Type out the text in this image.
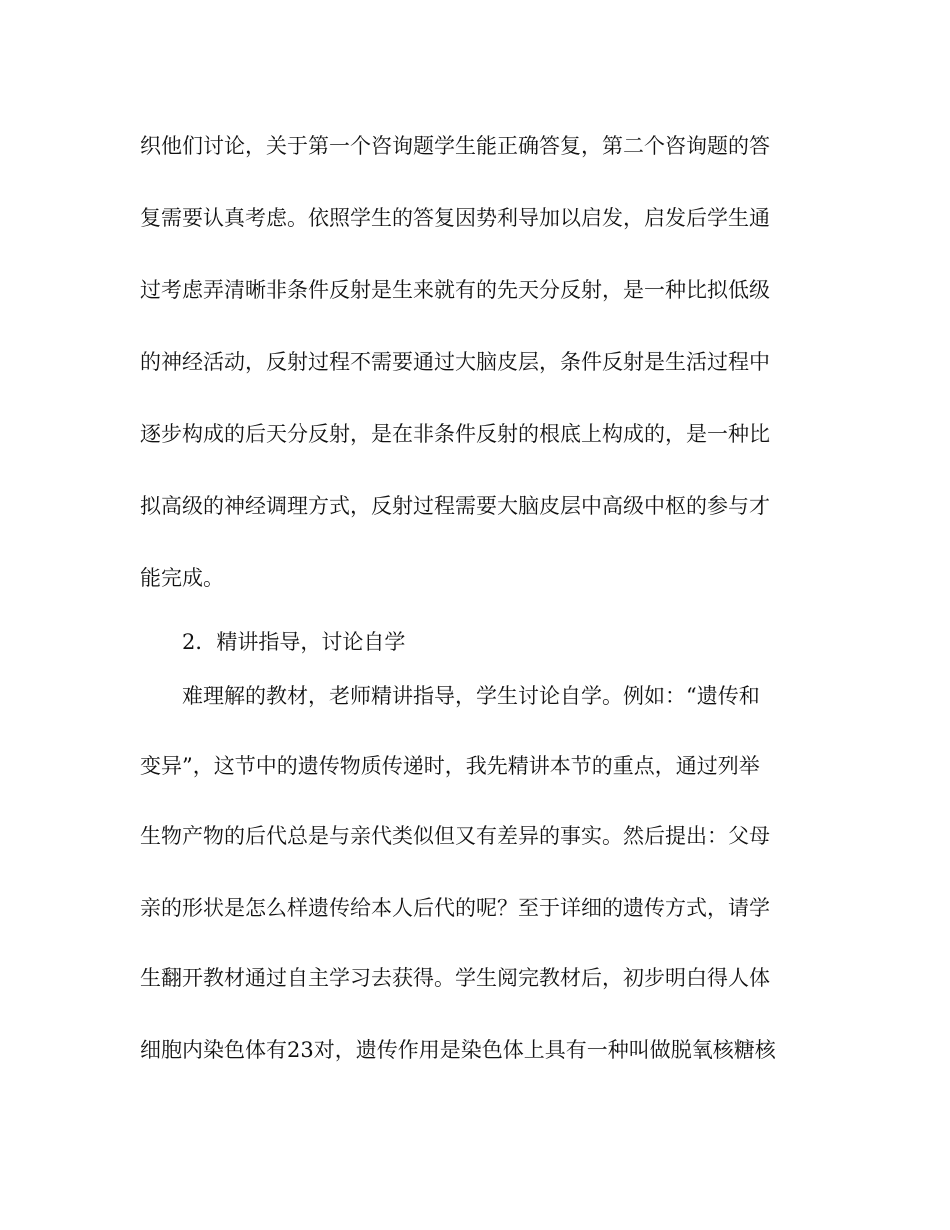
织他们讨论，关于第一个咨询题学生能正确答复，第二个咨询题的答
复需要认真考虑。依照学生的答复因势利导加以启发，启发后学生通
过考虑弄清晰非条件反射是生来就有的先天分反射，是一种比拟低级
的神经活动，反射过程不需要通过大脑皮层，条件反射是生活过程中
逐步构成的后天分反射，是在非条件反射的根底上构成的，是一种比
拟高级的神经调理方式，反射过程需要大脑皮层中高级中枢的参与才
能完成。
2．精讲指导，讨论自学
难理解的教材，老师精讲指导，学生讨论自学。例如：“遗传和
变异”，这节中的遗传物质传递时，我先精讲本节的重点，通过列举
生物产物的后代总是与亲代类似但又有差异的事实。然后提出：父母
亲的形状是怎么样遗传给本人后代的呢？至于详细的遗传方式，请学
生翻开教材通过自主学习去获得。学生阅完教材后，初步明白得人体
细胞内染色体有23对，遗传作用是染色体上具有一种叫做脱氧核糖核
